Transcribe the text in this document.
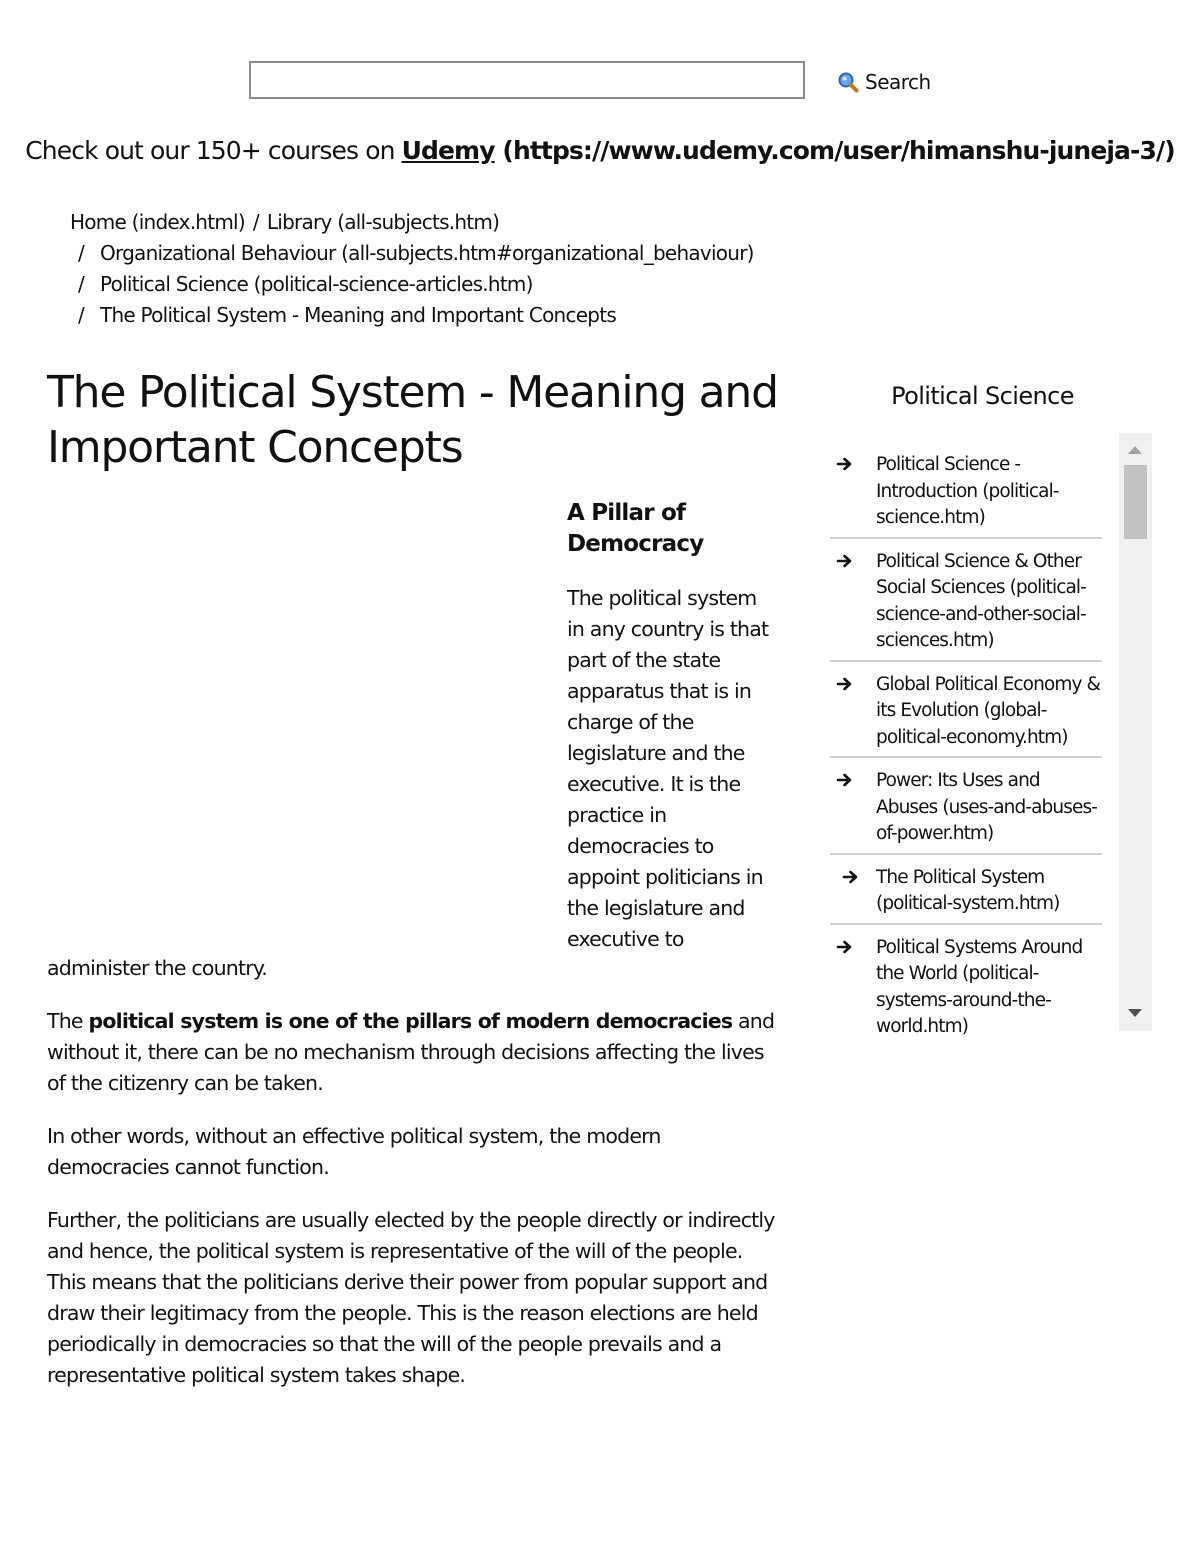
Search
Check out our 150+ courses on Udemy (https://www.udemy.com/user/himanshu-juneja-3/)
Home (index.html) / Library (all-subjects.htm)
/ Organizational Behaviour (all-subjects.htm#organizational_behaviour)
/ Political Science (political-science-articles.htm)
/ The Political System - Meaning and Important Concepts
The Political System - Meaning and Important Concepts
A Pillar of Democracy

The political system in any country is that part of the state apparatus that is in charge of the legislature and the executive. It is the practice in democracies to appoint politicians in the legislature and executive to

administer the country.

The political system is one of the pillars of modern democracies and without it, there can be no mechanism through decisions affecting the lives of the citizenry can be taken.

In other words, without an effective political system, the modern democracies cannot function.

Further, the politicians are usually elected by the people directly or indirectly and hence, the political system is representative of the will of the people. This means that the politicians derive their power from popular support and draw their legitimacy from the people. This is the reason elections are held periodically in democracies so that the will of the people prevails and a representative political system takes shape.

Political Science
Political Science - Introduction (political-science.htm)
Political Science & Other Social Sciences (political-science-and-other-social-sciences.htm)
Global Political Economy & its Evolution (global-political-economy.htm)
Power: Its Uses and Abuses (uses-and-abuses-of-power.htm)
The Political System (political-system.htm)
Political Systems Around the World (political-systems-around-the-world.htm)
